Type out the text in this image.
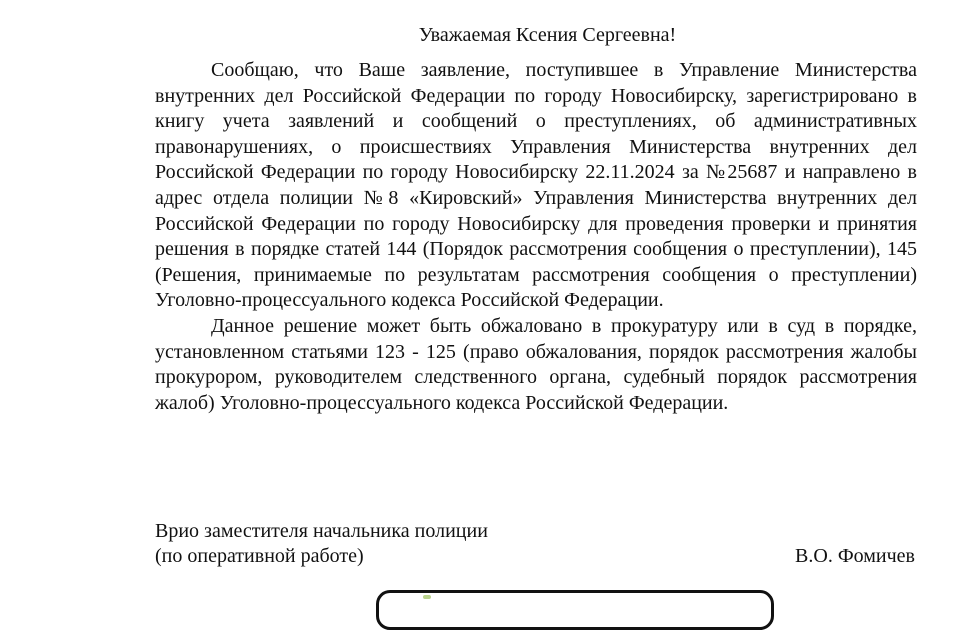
Уважаемая Ксения Сергеевна!

Сообщаю, что Ваше заявление, поступившее в Управление Министерства внутренних дел Российской Федерации по городу Новосибирску, зарегистрировано в книгу учета заявлений и сообщений о преступлениях, об административных правонарушениях, о происшествиях Управления Министерства внутренних дел Российской Федерации по городу Новосибирску 22.11.2024 за №25687 и направлено в адрес отдела полиции №8 «Кировский» Управления Министерства внутренних дел Российской Федерации по городу Новосибирску для проведения проверки и принятия решения в порядке статей 144 (Порядок рассмотрения сообщения о преступлении), 145 (Решения, принимаемые по результатам рассмотрения сообщения о преступлении) Уголовно-процессуального кодекса Российской Федерации.

Данное решение может быть обжаловано в прокуратуру или в суд в порядке, установленном статьями 123 - 125 (право обжалования, порядок рассмотрения жалобы прокурором, руководителем следственного органа, судебный порядок рассмотрения жалоб) Уголовно-процессуального кодекса Российской Федерации.

Врио заместителя начальника полиции
(по оперативной работе)	В.О. Фомичев
